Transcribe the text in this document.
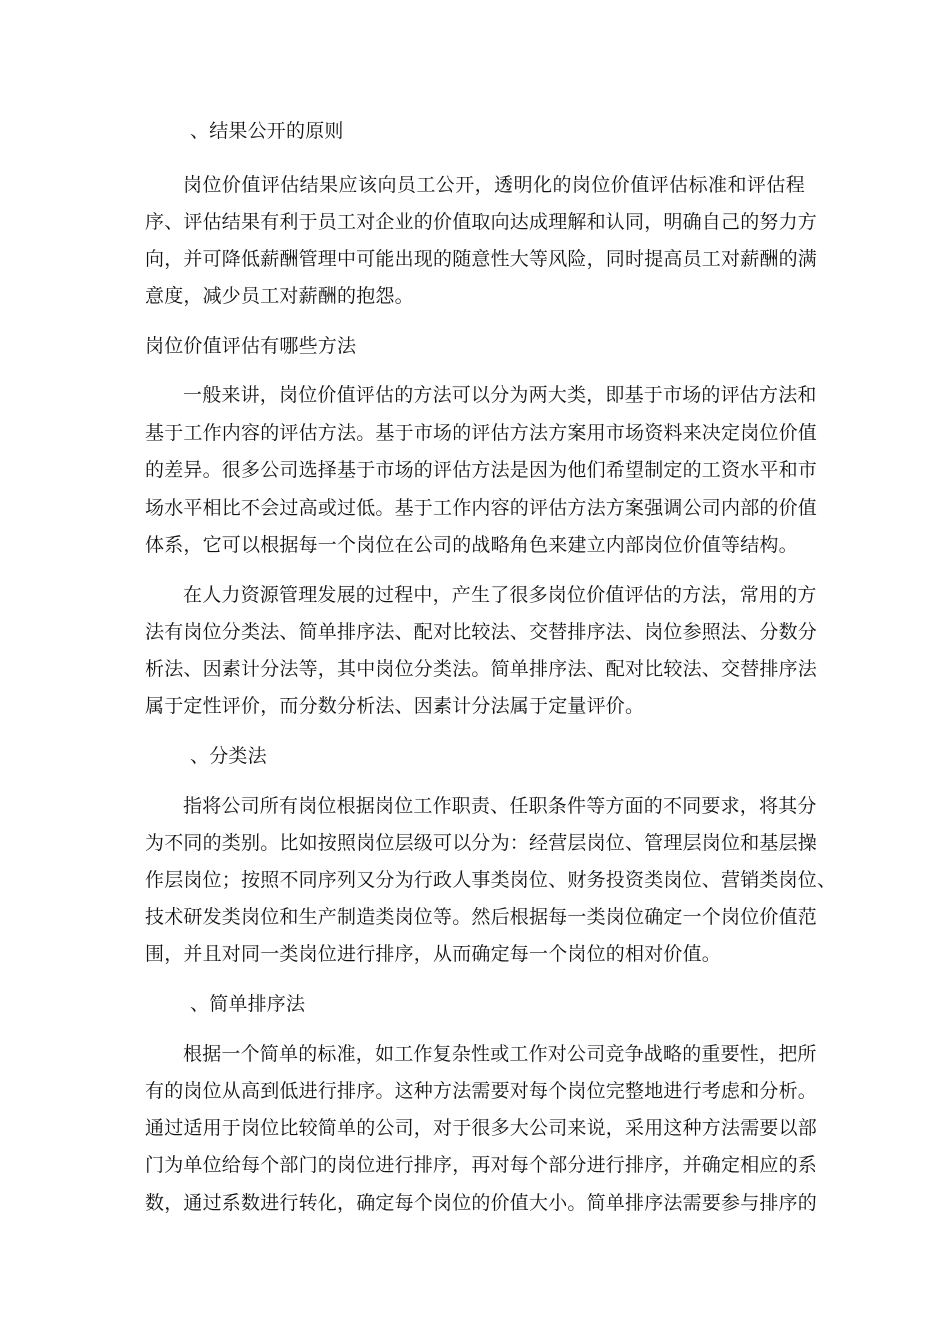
、结果公开的原则
岗位价值评估结果应该向员工公开，透明化的岗位价值评估标准和评估程
序、评估结果有利于员工对企业的价值取向达成理解和认同，明确自己的努力方
向，并可降低薪酬管理中可能出现的随意性大等风险，同时提高员工对薪酬的满
意度，减少员工对薪酬的抱怨。
岗位价值评估有哪些方法
一般来讲，岗位价值评估的方法可以分为两大类，即基于市场的评估方法和
基于工作内容的评估方法。基于市场的评估方法方案用市场资料来决定岗位价值
的差异。很多公司选择基于市场的评估方法是因为他们希望制定的工资水平和市
场水平相比不会过高或过低。基于工作内容的评估方法方案强调公司内部的价值
体系，它可以根据每一个岗位在公司的战略角色来建立内部岗位价值等结构。
在人力资源管理发展的过程中，产生了很多岗位价值评估的方法，常用的方
法有岗位分类法、简单排序法、配对比较法、交替排序法、岗位参照法、分数分
析法、因素计分法等，其中岗位分类法。简单排序法、配对比较法、交替排序法
属于定性评价，而分数分析法、因素计分法属于定量评价。
、分类法
指将公司所有岗位根据岗位工作职责、任职条件等方面的不同要求，将其分
为不同的类别。比如按照岗位层级可以分为：经营层岗位、管理层岗位和基层操
作层岗位；按照不同序列又分为行政人事类岗位、财务投资类岗位、营销类岗位、
技术研发类岗位和生产制造类岗位等。然后根据每一类岗位确定一个岗位价值范
围，并且对同一类岗位进行排序，从而确定每一个岗位的相对价值。
、简单排序法
根据一个简单的标准，如工作复杂性或工作对公司竞争战略的重要性，把所
有的岗位从高到低进行排序。这种方法需要对每个岗位完整地进行考虑和分析。
通过适用于岗位比较简单的公司，对于很多大公司来说，采用这种方法需要以部
门为单位给每个部门的岗位进行排序，再对每个部分进行排序，并确定相应的系
数，通过系数进行转化，确定每个岗位的价值大小。简单排序法需要参与排序的
